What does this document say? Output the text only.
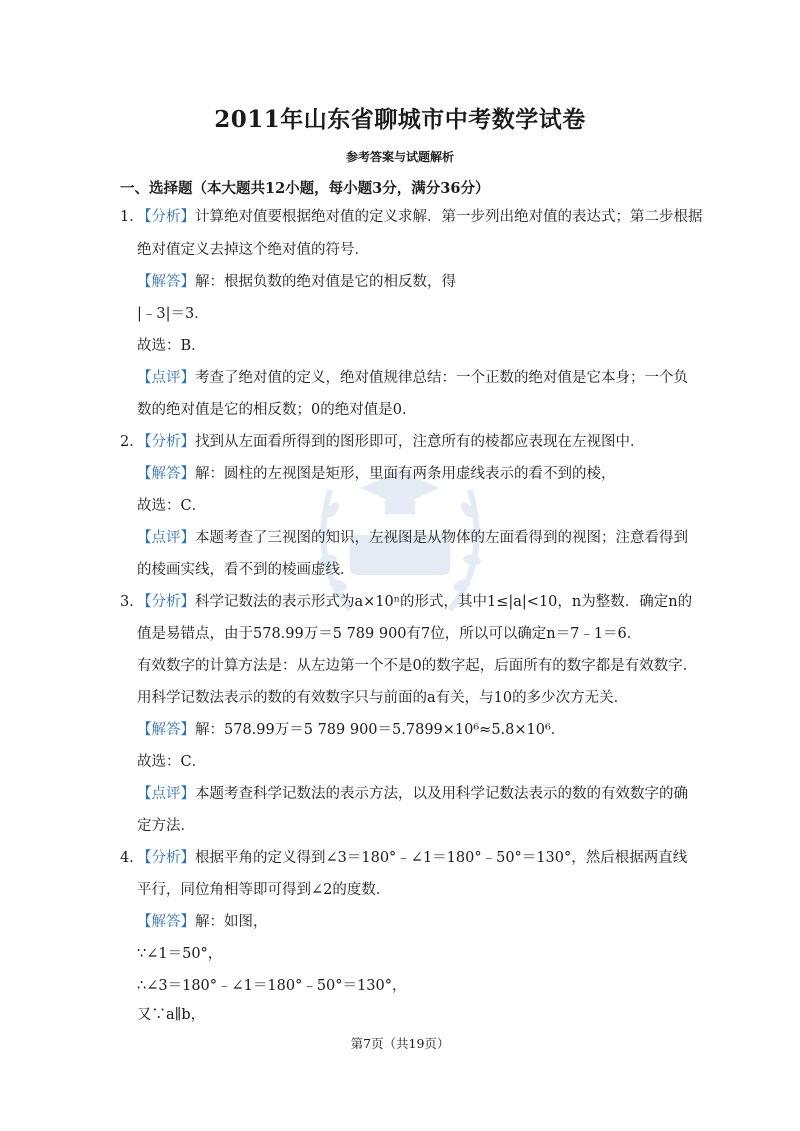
2011年山东省聊城市中考数学试卷
参考答案与试题解析
一、选择题（本大题共12小题，每小题3分，满分36分）
1．
【分析】计算绝对值要根据绝对值的定义求解．第一步列出绝对值的表达式；第二步根据
绝对值定义去掉这个绝对值的符号．
【解答】解：根据负数的绝对值是它的相反数，得
|﹣3|＝3．
故选：B．
【点评】考查了绝对值的定义，绝对值规律总结：一个正数的绝对值是它本身；一个负
数的绝对值是它的相反数；0的绝对值是0．
2．
【分析】找到从左面看所得到的图形即可，注意所有的棱都应表现在左视图中．
【解答】解：圆柱的左视图是矩形，里面有两条用虚线表示的看不到的棱，
故选：C．
【点评】本题考查了三视图的知识，左视图是从物体的左面看得到的视图；注意看得到
的棱画实线，看不到的棱画虚线．
3．
【分析】科学记数法的表示形式为a×10ⁿ的形式，其中1≤|a|<10，n为整数．确定n的
值是易错点，由于578.99万＝5 789 900有7位，所以可以确定n＝7﹣1＝6．
有效数字的计算方法是：从左边第一个不是0的数字起，后面所有的数字都是有效数字．
用科学记数法表示的数的有效数字只与前面的a有关，与10的多少次方无关．
【解答】解：578.99万＝5 789 900＝5.7899×10⁶≈5.8×10⁶．
故选：C．
【点评】本题考查科学记数法的表示方法，以及用科学记数法表示的数的有效数字的确
定方法．
4．
【分析】根据平角的定义得到∠3＝180°﹣∠1＝180°﹣50°＝130°，然后根据两直线
平行，同位角相等即可得到∠2的度数．
【解答】解：如图，
∵∠1＝50°，
∴∠3＝180°﹣∠1＝180°﹣50°＝130°，
又∵a∥b，
第7页（共19页）
